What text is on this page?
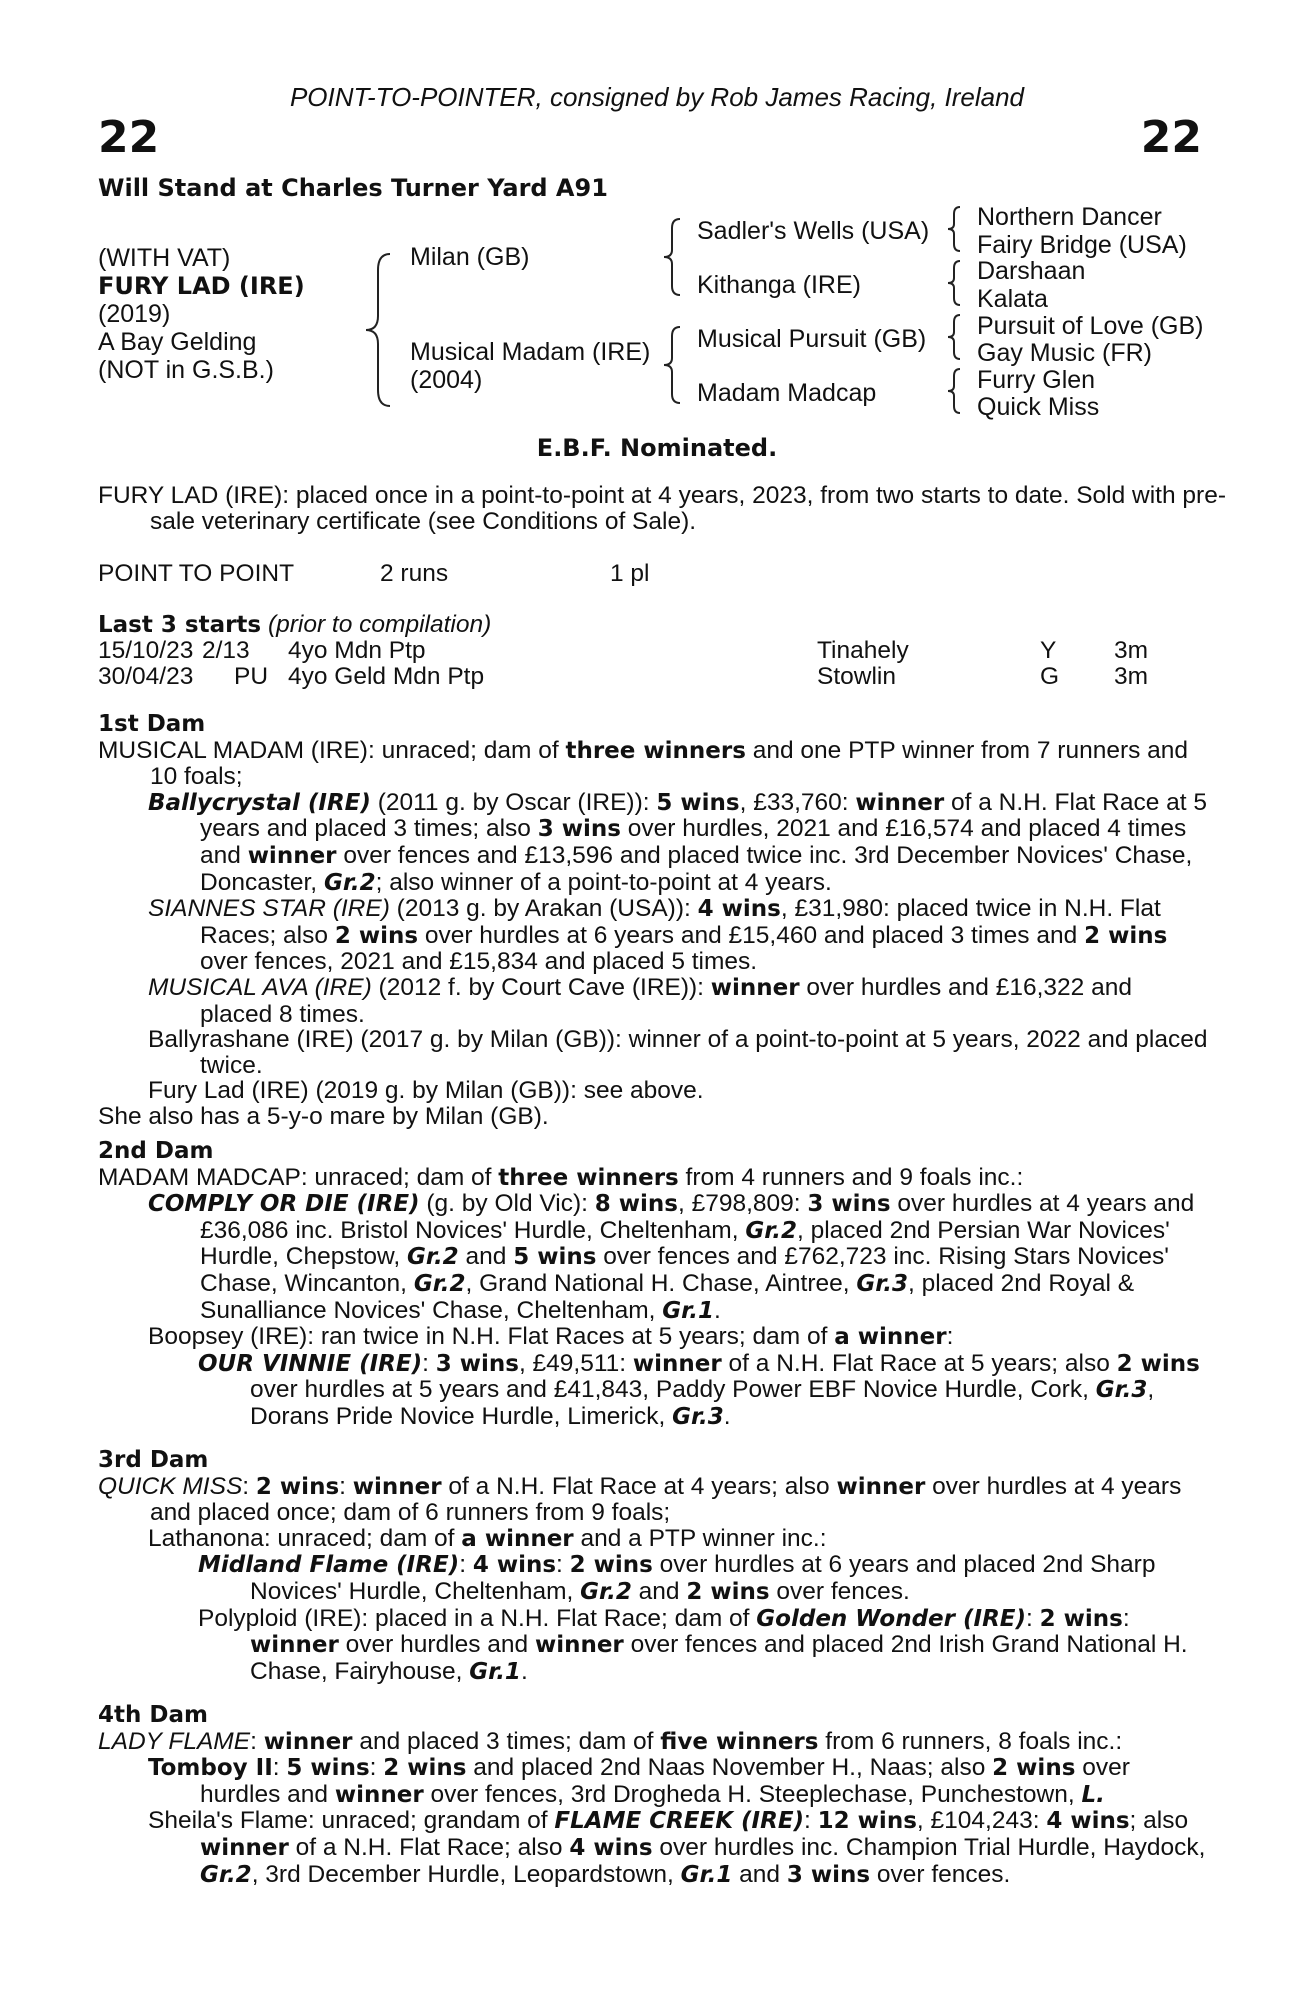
POINT-TO-POINTER, consigned by Rob James Racing, Ireland
22	22
Will Stand at Charles Turner Yard A91
(WITH VAT)
FURY LAD (IRE)
(2019)
A Bay Gelding
(NOT in G.S.B.)
Milan (GB)
Musical Madam (IRE)
(2004)
Sadler's Wells (USA)
Kithanga (IRE)
Musical Pursuit (GB)
Madam Madcap
Northern Dancer
Fairy Bridge (USA)
Darshaan
Kalata
Pursuit of Love (GB)
Gay Music (FR)
Furry Glen
Quick Miss
E.B.F. Nominated.
FURY LAD (IRE): placed once in a point-to-point at 4 years, 2023, from two starts to date. Sold with pre-sale veterinary certificate (see Conditions of Sale).
POINT TO POINT	2 runs	1 pl
Last 3 starts (prior to compilation)
15/10/23 2/13 4yo Mdn Ptp	Tinahely	Y 3m
30/04/23 PU 4yo Geld Mdn Ptp	Stowlin	G 3m
1st Dam

MUSICAL MADAM (IRE): unraced; dam of three winners and one PTP winner from 7 runners and 10 foals;

Ballycrystal (IRE) (2011 g. by Oscar (IRE)): 5 wins, £33,760: winner of a N.H. Flat Race at 5 years and placed 3 times; also 3 wins over hurdles, 2021 and £16,574 and placed 4 times and winner over fences and £13,596 and placed twice inc. 3rd December Novices' Chase, Doncaster, Gr.2; also winner of a point-to-point at 4 years.

SIANNES STAR (IRE) (2013 g. by Arakan (USA)): 4 wins, £31,980: placed twice in N.H. Flat Races; also 2 wins over hurdles at 6 years and £15,460 and placed 3 times and 2 wins over fences, 2021 and £15,834 and placed 5 times.

MUSICAL AVA (IRE) (2012 f. by Court Cave (IRE)): winner over hurdles and £16,322 and placed 8 times.

Ballyrashane (IRE) (2017 g. by Milan (GB)): winner of a point-to-point at 5 years, 2022 and placed twice.

Fury Lad (IRE) (2019 g. by Milan (GB)): see above.

She also has a 5-y-o mare by Milan (GB).

2nd Dam

MADAM MADCAP: unraced; dam of three winners from 4 runners and 9 foals inc.:

COMPLY OR DIE (IRE) (g. by Old Vic): 8 wins, £798,809: 3 wins over hurdles at 4 years and £36,086 inc. Bristol Novices' Hurdle, Cheltenham, Gr.2, placed 2nd Persian War Novices' Hurdle, Chepstow, Gr.2 and 5 wins over fences and £762,723 inc. Rising Stars Novices' Chase, Wincanton, Gr.2, Grand National H. Chase, Aintree, Gr.3, placed 2nd Royal & Sunalliance Novices' Chase, Cheltenham, Gr.1.

Boopsey (IRE): ran twice in N.H. Flat Races at 5 years; dam of a winner:

OUR VINNIE (IRE): 3 wins, £49,511: winner of a N.H. Flat Race at 5 years; also 2 wins over hurdles at 5 years and £41,843, Paddy Power EBF Novice Hurdle, Cork, Gr.3, Dorans Pride Novice Hurdle, Limerick, Gr.3.

3rd Dam

QUICK MISS: 2 wins: winner of a N.H. Flat Race at 4 years; also winner over hurdles at 4 years and placed once; dam of 6 runners from 9 foals;

Lathanona: unraced; dam of a winner and a PTP winner inc.:

Midland Flame (IRE): 4 wins: 2 wins over hurdles at 6 years and placed 2nd Sharp Novices' Hurdle, Cheltenham, Gr.2 and 2 wins over fences.

Polyploid (IRE): placed in a N.H. Flat Race; dam of Golden Wonder (IRE): 2 wins: winner over hurdles and winner over fences and placed 2nd Irish Grand National H. Chase, Fairyhouse, Gr.1.

4th Dam

LADY FLAME: winner and placed 3 times; dam of five winners from 6 runners, 8 foals inc.:

Tomboy II: 5 wins: 2 wins and placed 2nd Naas November H., Naas; also 2 wins over hurdles and winner over fences, 3rd Drogheda H. Steeplechase, Punchestown, L.

Sheila's Flame: unraced; grandam of FLAME CREEK (IRE): 12 wins, £104,243: 4 wins; also winner of a N.H. Flat Race; also 4 wins over hurdles inc. Champion Trial Hurdle, Haydock, Gr.2, 3rd December Hurdle, Leopardstown, Gr.1 and 3 wins over fences.
